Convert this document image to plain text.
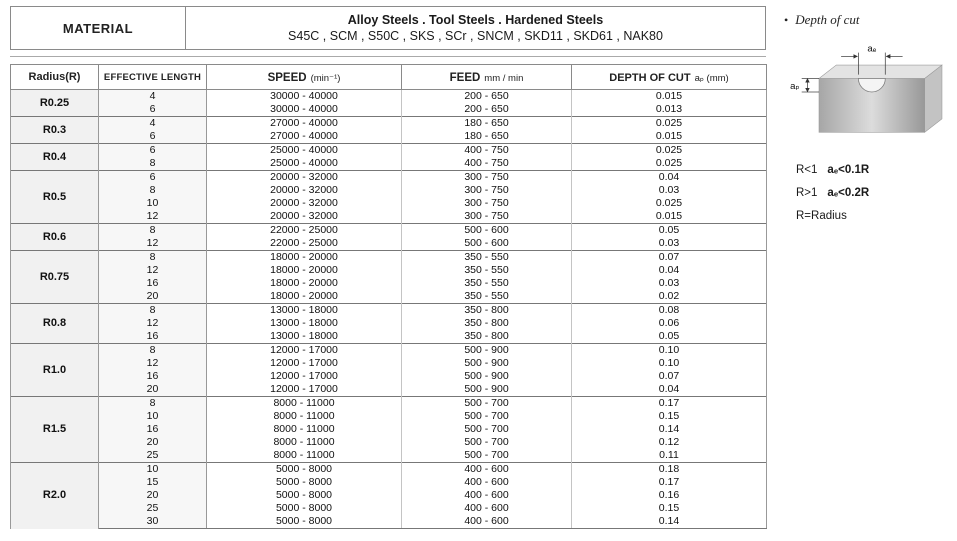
MATERIAL
Alloy Steels . Tool Steels . Hardened Steels
S45C , SCM , S50C , SKS , SCr , SNCM , SKD11 , SKD61 , NAK80
Radius(R)	EFFECTIVE LENGTH	SPEED (min⁻¹)	FEED mm / min	DEPTH OF CUT aₚ (mm)
R0.25	4	30000 - 40000	200 - 650	0.015
	6	30000 - 40000	200 - 650	0.013
R0.3	4	27000 - 40000	180 - 650	0.025
	6	27000 - 40000	180 - 650	0.015
R0.4	6	25000 - 40000	400 - 750	0.025
	8	25000 - 40000	400 - 750	0.025
R0.5	6	20000 - 32000	300 - 750	0.04
	8	20000 - 32000	300 - 750	0.03
	10	20000 - 32000	300 - 750	0.025
	12	20000 - 32000	300 - 750	0.015
R0.6	8	22000 - 25000	500 - 600	0.05
	12	22000 - 25000	500 - 600	0.03
R0.75	8	18000 - 20000	350 - 550	0.07
	12	18000 - 20000	350 - 550	0.04
	16	18000 - 20000	350 - 550	0.03
	20	18000 - 20000	350 - 550	0.02
R0.8	8	13000 - 18000	350 - 800	0.08
	12	13000 - 18000	350 - 800	0.06
	16	13000 - 18000	350 - 800	0.05
R1.0	8	12000 - 17000	500 - 900	0.10
	12	12000 - 17000	500 - 900	0.10
	16	12000 - 17000	500 - 900	0.07
	20	12000 - 17000	500 - 900	0.04
R1.5	8	8000 - 11000	500 - 700	0.17
	10	8000 - 11000	500 - 700	0.15
	16	8000 - 11000	500 - 700	0.14
	20	8000 - 11000	500 - 700	0.12
	25	8000 - 11000	500 - 700	0.11
R2.0	10	5000 - 8000	400 - 600	0.18
	15	5000 - 8000	400 - 600	0.17
	20	5000 - 8000	400 - 600	0.16
	25	5000 - 8000	400 - 600	0.15
	30	5000 - 8000	400 - 600	0.14
• Depth of cut
aₑ
aₚ
R<1 aₑ<0.1R
R>1 aₑ<0.2R
R=Radius
